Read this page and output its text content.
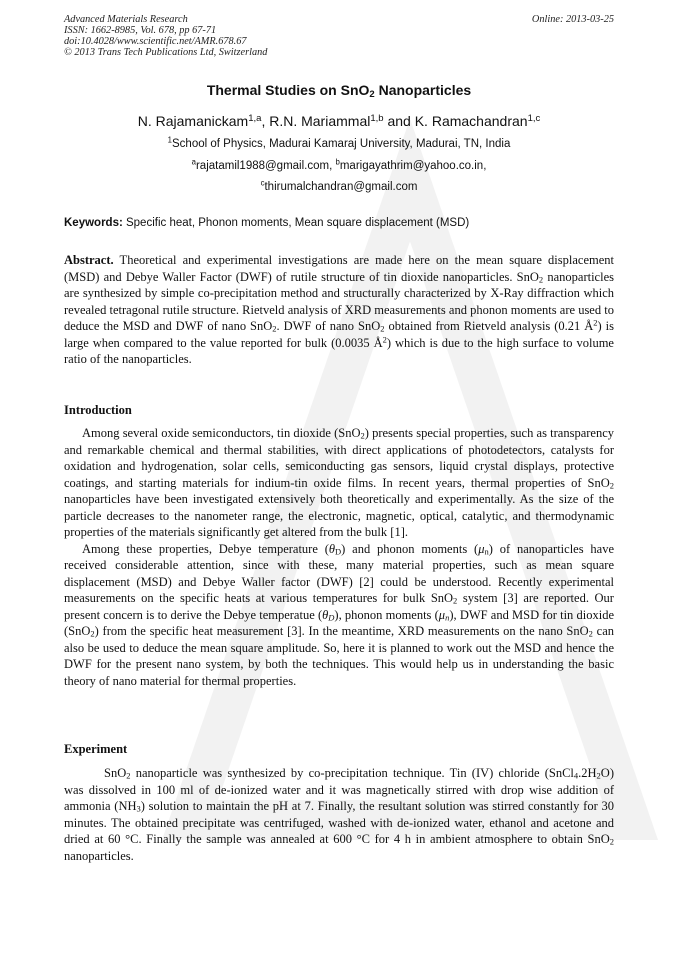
Advanced Materials Research
ISSN: 1662-8985, Vol. 678, pp 67-71
doi:10.4028/www.scientific.net/AMR.678.67
© 2013 Trans Tech Publications Ltd, Switzerland
Online: 2013-03-25
Thermal Studies on SnO$_2$ Nanoparticles
N. Rajamanickam$^{1,a}$, R.N. Mariammal$^{1,b}$ and K. Ramachandran$^{1,c}$
$^1$School of Physics, Madurai Kamaraj University, Madurai, TN, India
$^a$rajatamil1988@gmail.com, $^b$marigayathrim@yahoo.co.in,
$^c$thirumalchandran@gmail.com
Keywords: Specific heat, Phonon moments, Mean square displacement (MSD)
Abstract. Theoretical and experimental investigations are made here on the mean square displacement (MSD) and Debye Waller Factor (DWF) of rutile structure of tin dioxide nanoparticles. SnO$_2$ nanoparticles are synthesized by simple co-precipitation method and structurally characterized by X-Ray diffraction which revealed tetragonal rutile structure. Rietveld analysis of XRD measurements and phonon moments are used to deduce the MSD and DWF of nano SnO$_2$. DWF of nano SnO$_2$ obtained from Rietveld analysis (0.21 $Å^2$) is large when compared to the value reported for bulk (0.0035 $Å^2$) which is due to the high surface to volume ratio of the nanoparticles.
Introduction

Among several oxide semiconductors, tin dioxide (SnO$_2$) presents special properties, such as transparency and remarkable chemical and thermal stabilities, with direct applications of photodetectors, catalysts for oxidation and hydrogenation, solar cells, semiconducting gas sensors, liquid crystal displays, protective coatings, and starting materials for indium-tin oxide films. In recent years, thermal properties of SnO$_2$ nanoparticles have been investigated extensively both theoretically and experimentally. As the size of the particle decreases to the nanometer range, the electronic, magnetic, optical, catalytic, and thermodynamic properties of the materials significantly get altered from the bulk [1].

Among these properties, Debye temperature $(\theta_D)$ and phonon moments $(\mu_n)$ of nanoparticles have received considerable attention, since with these, many material properties, such as mean square displacement (MSD) and Debye Waller factor (DWF) [2] could be understood. Recently experimental measurements on the specific heats at various temperatures for bulk SnO$_2$ system [3] are reported. Our present concern is to derive the Debye temperatue $(\theta_D)$, phonon moments $(\mu_n)$, DWF and MSD for tin dioxide (SnO$_2$) from the specific heat measurement [3]. In the meantime, XRD measurements on the nano SnO$_2$ can also be used to deduce the mean square amplitude. So, here it is planned to work out the MSD and hence the DWF for the present nano system, by both the techniques. This would help us in understanding the basic theory of nano material for thermal properties.

Experiment

SnO$_2$ nanoparticle was synthesized by co-precipitation technique. Tin (IV) chloride $(SnCl_4.2H_2O)$ was dissolved in 100 ml of de-ionized water and it was magnetically stirred with drop wise addition of ammonia $(NH_3)$ solution to maintain the pH at 7. Finally, the resultant solution was stirred constantly for 30 minutes. The obtained precipitate was centrifuged, washed with de-ionized water, ethanol and acetone and dried at 60 °C. Finally the sample was annealed at 600 °C for 4 h in ambient atmosphere to obtain SnO$_2$ nanoparticles.
